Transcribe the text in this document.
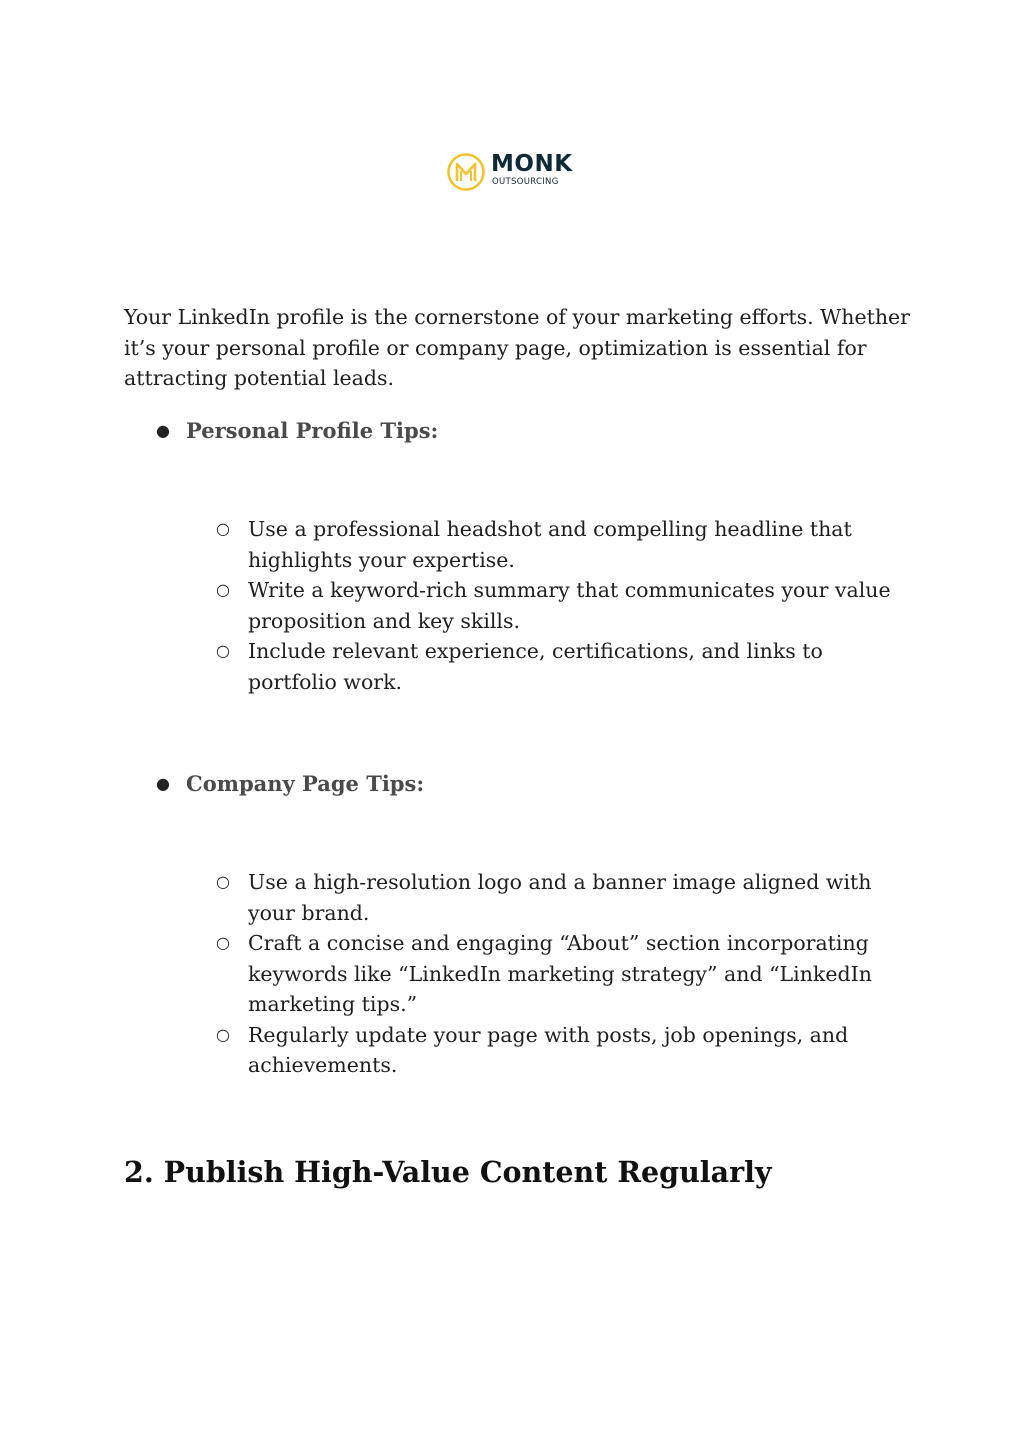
MONK
OUTSOURCING

Your LinkedIn profile is the cornerstone of your marketing efforts. Whether it’s your personal profile or company page, optimization is essential for attracting potential leads.

● Personal Profile Tips:
○ Use a professional headshot and compelling headline that highlights your expertise.
○ Write a keyword-rich summary that communicates your value proposition and key skills.
○ Include relevant experience, certifications, and links to portfolio work.
● Company Page Tips:
○ Use a high-resolution logo and a banner image aligned with your brand.
○ Craft a concise and engaging “About” section incorporating keywords like “LinkedIn marketing strategy” and “LinkedIn marketing tips.”
○ Regularly update your page with posts, job openings, and achievements.
2. Publish High-Value Content Regularly
